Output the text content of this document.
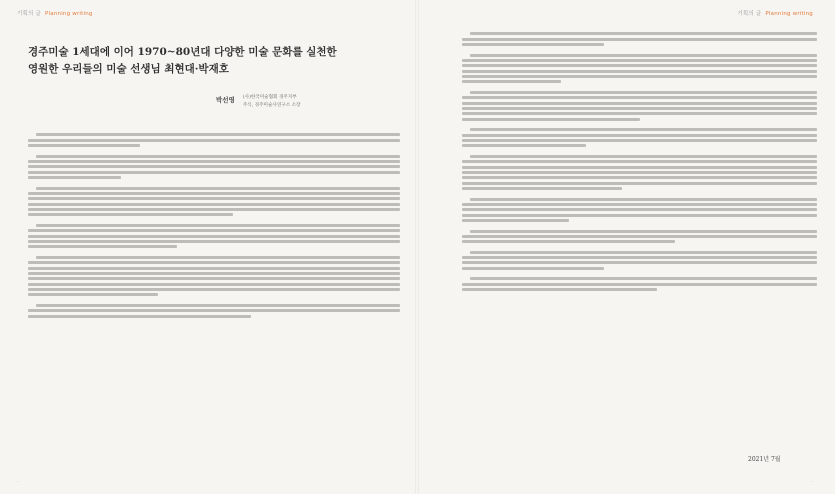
기획의 글 Planning writing
경주미술 1세대에 이어 1970~80년대 다양한 미술 문화를 실천한
영원한 우리들의 미술 선생님 최현대·박재호
박선영 (사)한국미술협회 경주지부
주식, 경주미술사연구소 소장
·
기획의 글 Planning writing
2021년 7월
·
